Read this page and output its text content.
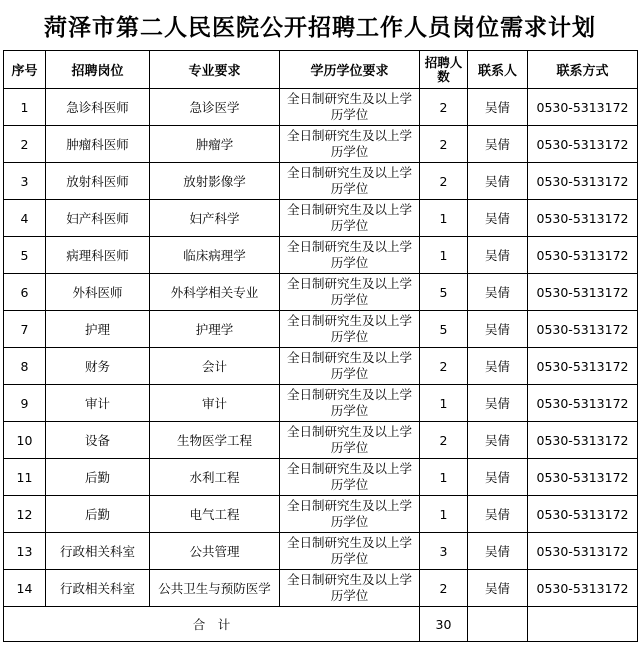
菏泽市第二人民医院公开招聘工作人员岗位需求计划
序号	招聘岗位	专业要求	学历学位要求	招聘人数	联系人	联系方式
1	急诊科医师	急诊医学	全日制研究生及以上学历学位	2	吴倩	0530-5313172
2	肿瘤科医师	肿瘤学	全日制研究生及以上学历学位	2	吴倩	0530-5313172
3	放射科医师	放射影像学	全日制研究生及以上学历学位	2	吴倩	0530-5313172
4	妇产科医师	妇产科学	全日制研究生及以上学历学位	1	吴倩	0530-5313172
5	病理科医师	临床病理学	全日制研究生及以上学历学位	1	吴倩	0530-5313172
6	外科医师	外科学相关专业	全日制研究生及以上学历学位	5	吴倩	0530-5313172
7	护理	护理学	全日制研究生及以上学历学位	5	吴倩	0530-5313172
8	财务	会计	全日制研究生及以上学历学位	2	吴倩	0530-5313172
9	审计	审计	全日制研究生及以上学历学位	1	吴倩	0530-5313172
10	设备	生物医学工程	全日制研究生及以上学历学位	2	吴倩	0530-5313172
11	后勤	水利工程	全日制研究生及以上学历学位	1	吴倩	0530-5313172
12	后勤	电气工程	全日制研究生及以上学历学位	1	吴倩	0530-5313172
13	行政相关科室	公共管理	全日制研究生及以上学历学位	3	吴倩	0530-5313172
14	行政相关科室	公共卫生与预防医学	全日制研究生及以上学历学位	2	吴倩	0530-5313172
合　计				30		
